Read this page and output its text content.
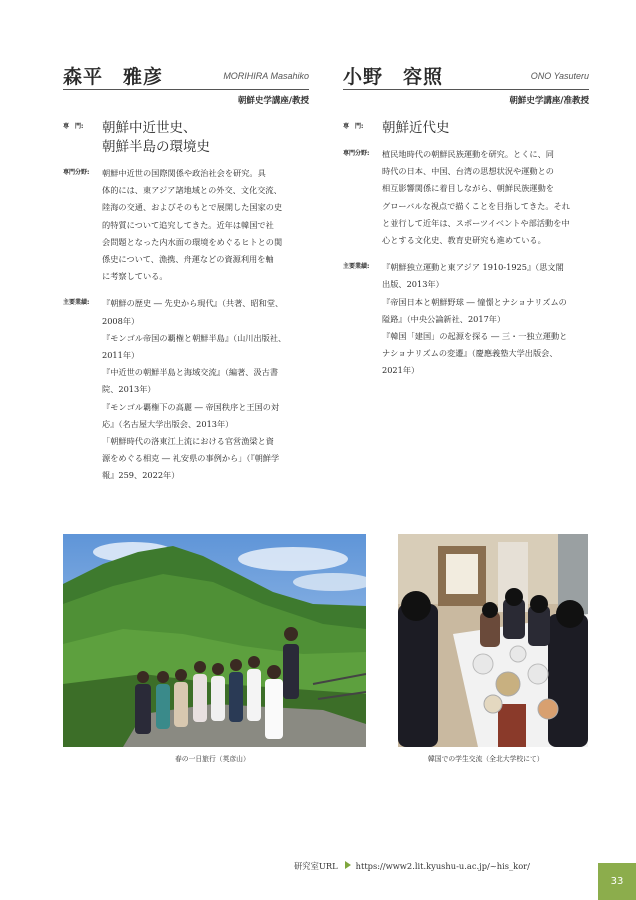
森平　雅彦	MORIHIRA Masahiko
朝鮮史学講座/教授
専　門: 朝鮮中近世史、
朝鮮半島の環境史
専門分野: 朝鮮中近世の国際関係や政治社会を研究。具
体的には、東アジア諸地域との外交、文化交流、
陸海の交通、およびそのもとで展開した国家の史
的特質について追究してきた。近年は韓国で社
会問題となった内水面の環境をめぐるヒトとの関
係史について、漁携、舟運などの資源利用を軸
に考察している。
主要業績: 『朝鮮の歴史 ― 先史から現代』（共著、昭和堂、
2008年）
『モンゴル帝国の覇権と朝鮮半島』（山川出版社、
2011年）
『中近世の朝鮮半島と海域交流』（編著、汲古書
院、2013年）
『モンゴル覇権下の高麗 ― 帝国秩序と王国の対
応』（名古屋大学出版会、2013年）
「朝鮮時代の洛東江上流における官営漁梁と資
源をめぐる相克 ― 礼安県の事例から」（『朝鮮学
報』259、2022年）
小野　容照	ONO Yasuteru
朝鮮史学講座/准教授
専　門: 朝鮮近代史
専門分野: 植民地時代の朝鮮民族運動を研究。とくに、同
時代の日本、中国、台湾の思想状況や運動との
相互影響関係に着目しながら、朝鮮民族運動を
グローバルな視点で描くことを目指してきた。それ
と並行して近年は、スポーツイベントや部活動を中
心とする文化史、教育史研究も進めている。
主要業績: 『朝鮮独立運動と東アジア 1910-1925』（思文閣
出版、2013年）
『帝国日本と朝鮮野球 ― 憧憬とナショナリズムの
隘路』（中央公論新社、2017年）
『韓国「建国」の起源を探る ― 三・一独立運動と
ナショナリズムの変遷』（慶應義塾大学出版会、
2021年）
春の一日旅行（英彦山）	韓国での学生交流（全北大学校にて）
研究室URL https://www2.lit.kyushu-u.ac.jp/~his_kor/
33
